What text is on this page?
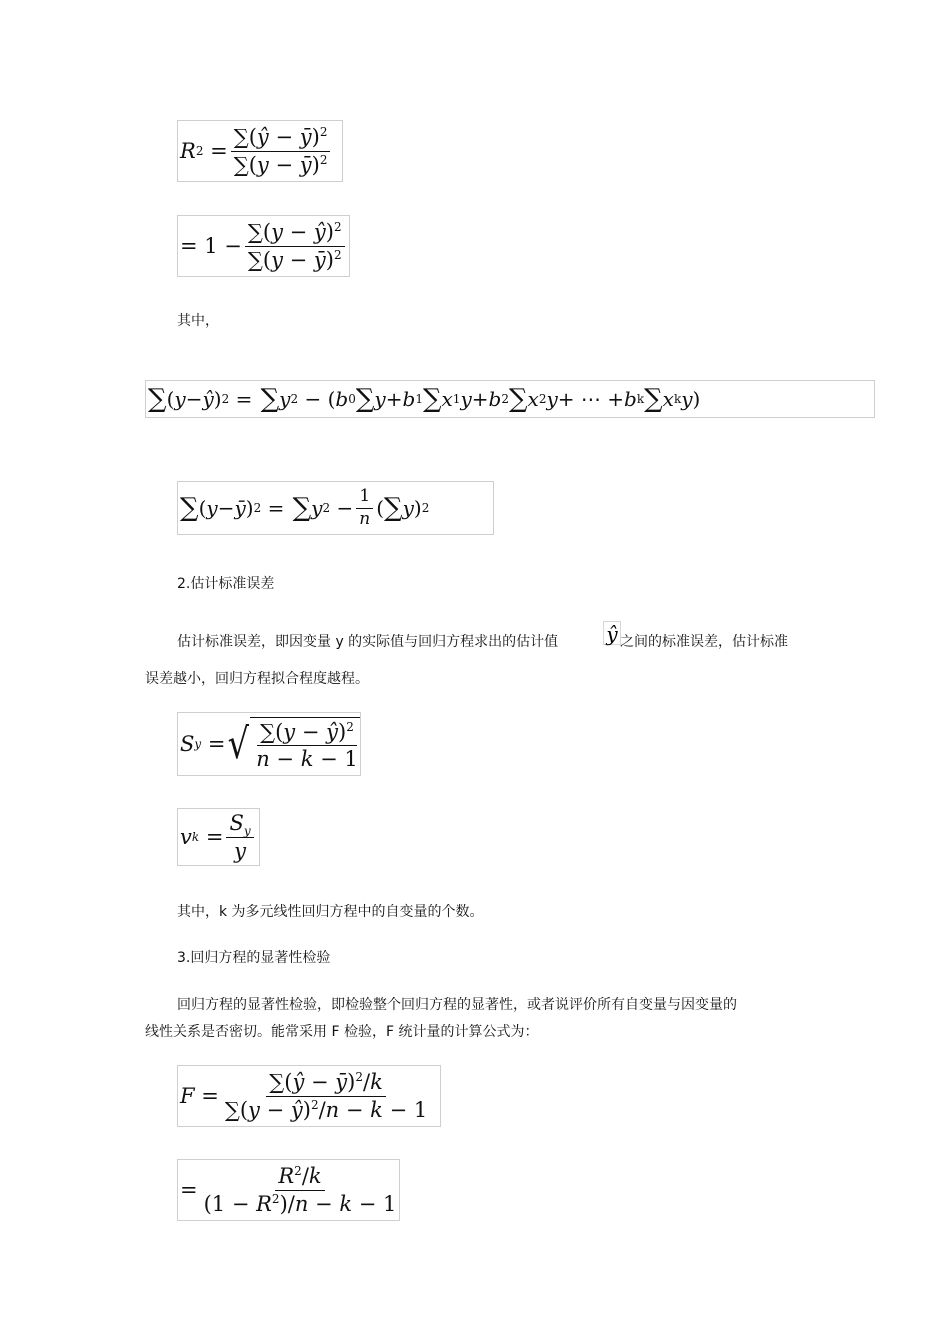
R $2 = \frac{\sum(ŷ - ȳ)^2}{\sum(y - ȳ)^2}$
= $1 - \frac{\sum(y - ŷ)^2}{\sum(y - ȳ)^2}$
其中，
∑ ( y − ŷ ) 2 = ∑ y 2 − ( b 0 ∑ y + b 1 ∑ x 1 y + b 2 ∑ x 2 y + ⋯ + b k ∑ x k y )
∑ ( y − ȳ ) 2 = ∑ y $2 - \frac{1}{n}$ ( ∑ y ) 2
2.估计标准误差
估计标准误差，即因变量 y 的实际值与回归方程求出的估计值 ŷ 之间的标准误差，估计标准
误差越小，回归方程拟合程度越程。
S y = √ $\frac{\sum(y - ŷ)^2}{n - k - 1}$
v $k = \frac{S_y}{y}$
其中，k 为多元线性回归方程中的自变量的个数。
3.回归方程的显著性检验
回归方程的显著性检验，即检验整个回归方程的显著性，或者说评价所有自变量与因变量的
线性关系是否密切。能常采用 F 检验，F 统计量的计算公式为：
$F = \frac{\sum(ŷ - ȳ)^2/k}{\sum(y - ŷ)^2/n - k - 1}$
= $\frac{R^2/k}{(1 - R^2)/n - k - 1}$
